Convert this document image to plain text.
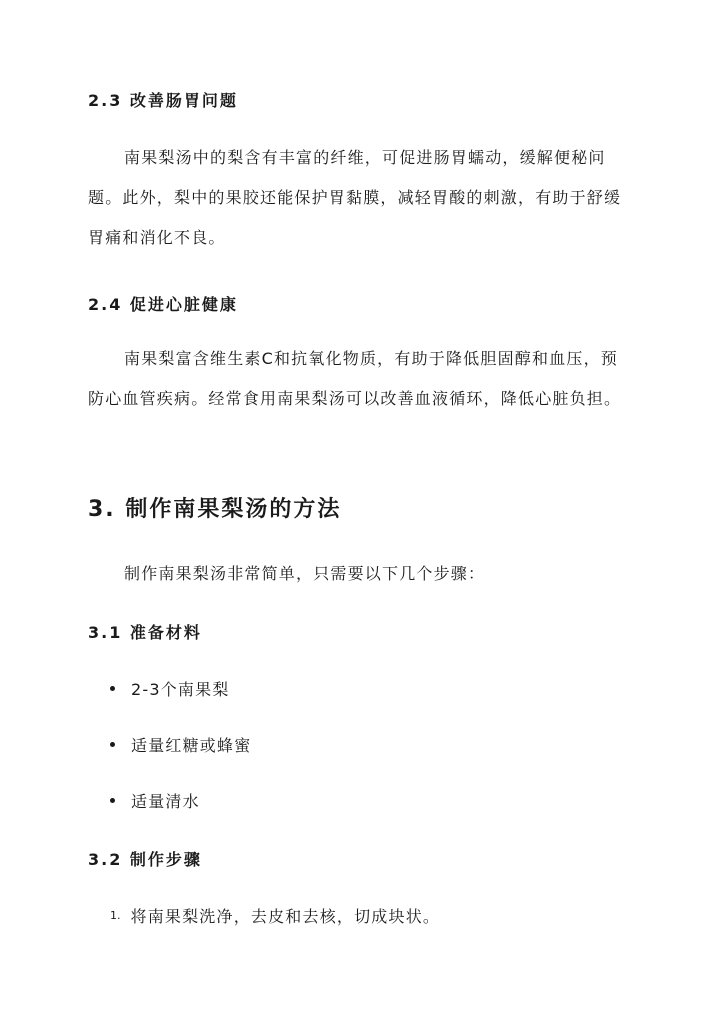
2.3 改善肠胃问题
南果梨汤中的梨含有丰富的纤维，可促进肠胃蠕动，缓解便秘问题。此外，梨中的果胶还能保护胃黏膜，减轻胃酸的刺激，有助于舒缓胃痛和消化不良。
2.4 促进心脏健康
南果梨富含维生素C和抗氧化物质，有助于降低胆固醇和血压，预防心血管疾病。经常食用南果梨汤可以改善血液循环，降低心脏负担。
3. 制作南果梨汤的方法
制作南果梨汤非常简单，只需要以下几个步骤：
3.1 准备材料
2-3个南果梨
适量红糖或蜂蜜
适量清水
3.2 制作步骤
1. 将南果梨洗净，去皮和去核，切成块状。
